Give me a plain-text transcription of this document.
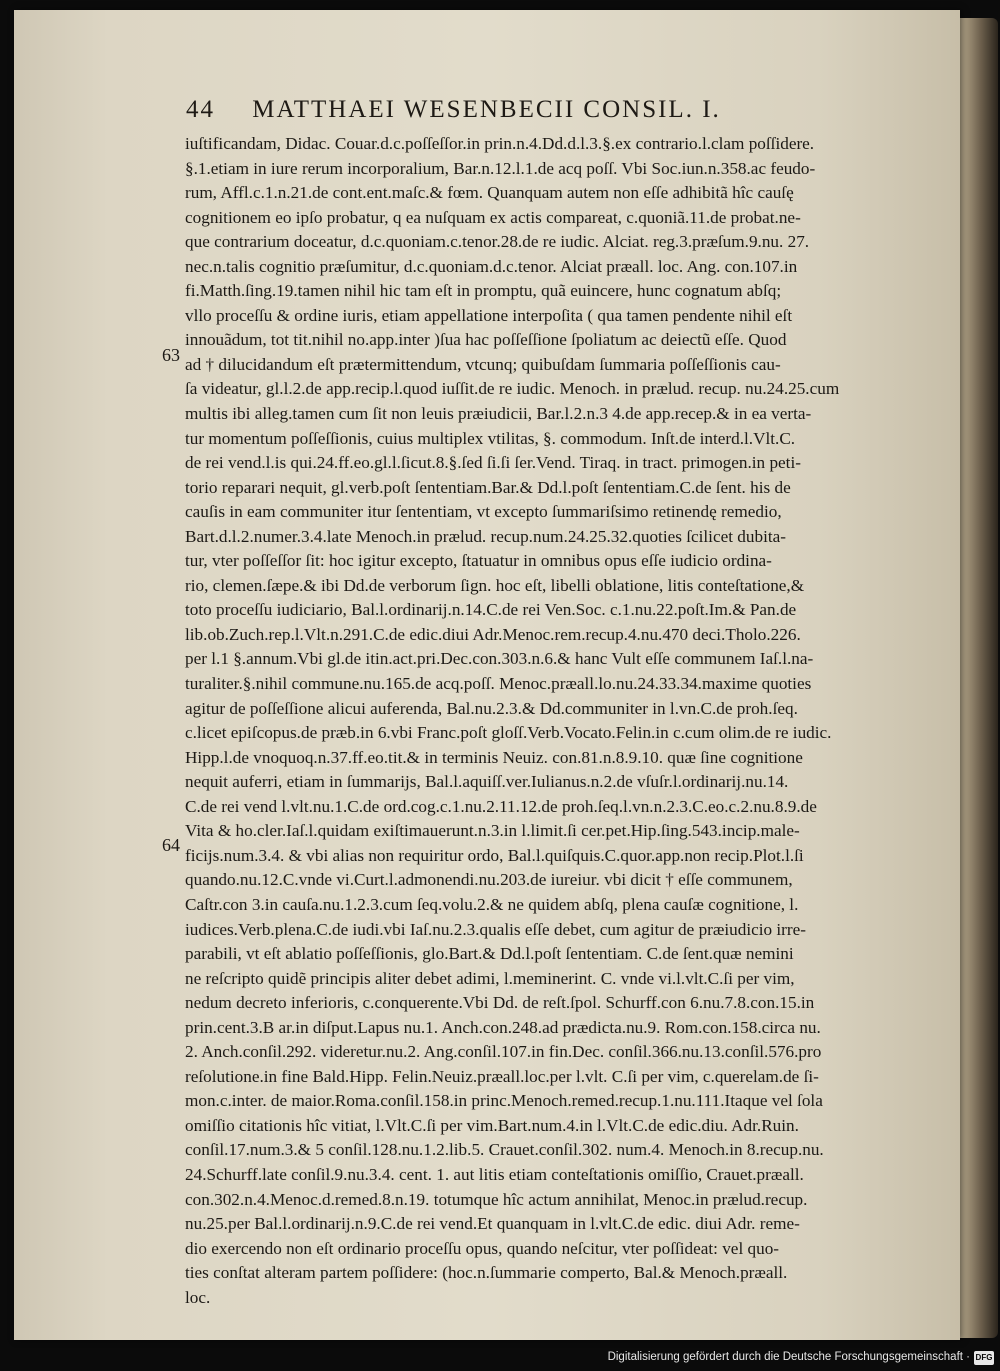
44 MATTHAEI WESENBECII CONSIL. I.
63
64
iuſtificandam, Didac. Couar.d.c.poſſeſſor.in prin.n.4.Dd.d.l.3.§.ex contrario.l.clam poſſidere.
§.1.etiam in iure rerum incorporalium, Bar.n.12.l.1.de acq poſſ. Vbi Soc.iun.n.358.ac feudo-
rum, Affl.c.1.n.21.de cont.ent.maſc.& fœm. Quanquam autem non eſſe adhibitã hîc cauſę
cognitionem eo ipſo probatur, q ea nuſquam ex actis compareat, c.quoniã.11.de probat.ne-
que contrarium doceatur, d.c.quoniam.c.tenor.28.de re iudic. Alciat. reg.3.præſum.9.nu. 27.
nec.n.talis cognitio præſumitur, d.c.quoniam.d.c.tenor. Alciat præall. loc. Ang. con.107.in
fi.Matth.ſing.19.tamen nihil hic tam eſt in promptu, quã euincere, hunc cognatum abſq;
vllo proceſſu & ordine iuris, etiam appellatione interpoſita ( qua tamen pendente nihil eſt
innouãdum, tot tit.nihil no.app.inter )ſua hac poſſeſſione ſpoliatum ac deiectũ eſſe. Quod
ad † dilucidandum eſt prætermittendum, vtcunq; quibuſdam ſummaria poſſeſſionis cau-
ſa videatur, gl.l.2.de app.recip.l.quod iuſſit.de re iudic. Menoch. in prælud. recup. nu.24.25.cum
multis ibi alleg.tamen cum ſit non leuis præiudicii, Bar.l.2.n.3 4.de app.recep.& in ea verta-
tur momentum poſſeſſionis, cuius multiplex vtilitas, §. commodum. Inſt.de interd.l.Vlt.C.
de rei vend.l.is qui.24.ff.eo.gl.l.ſicut.8.§.ſed ſi.ſi ſer.Vend. Tiraq. in tract. primogen.in peti-
torio reparari nequit, gl.verb.poſt ſententiam.Bar.& Dd.l.poſt ſententiam.C.de ſent. his de
cauſis in eam communiter itur ſententiam, vt excepto ſummariſsimo retinendę remedio,
Bart.d.l.2.numer.3.4.late Menoch.in prælud. recup.num.24.25.32.quoties ſcilicet dubita-
tur, vter poſſeſſor ſit: hoc igitur excepto, ſtatuatur in omnibus opus eſſe iudicio ordina-
rio, clemen.ſæpe.& ibi Dd.de verborum ſign. hoc eſt, libelli oblatione, litis conteſtatione,&
toto proceſſu iudiciario, Bal.l.ordinarij.n.14.C.de rei Ven.Soc. c.1.nu.22.poſt.Im.& Pan.de
lib.ob.Zuch.rep.l.Vlt.n.291.C.de edic.diui Adr.Menoc.rem.recup.4.nu.470 deci.Tholo.226.
per l.1 §.annum.Vbi gl.de itin.act.pri.Dec.con.303.n.6.& hanc Vult eſſe communem Iaſ.l.na-
turaliter.§.nihil commune.nu.165.de acq.poſſ. Menoc.præall.lo.nu.24.33.34.maxime quoties
agitur de poſſeſſione alicui auferenda, Bal.nu.2.3.& Dd.communiter in l.vn.C.de proh.ſeq.
c.licet epiſcopus.de præb.in 6.vbi Franc.poſt gloſſ.Verb.Vocato.Felin.in c.cum olim.de re iudic.
Hipp.l.de vnoquoq.n.37.ff.eo.tit.& in terminis Neuiz. con.81.n.8.9.10. quæ ſine cognitione
nequit auferri, etiam in ſummarijs, Bal.l.aquiſſ.ver.Iulianus.n.2.de vſuſr.l.ordinarij.nu.14.
C.de rei vend l.vlt.nu.1.C.de ord.cog.c.1.nu.2.11.12.de proh.ſeq.l.vn.n.2.3.C.eo.c.2.nu.8.9.de
Vita & ho.cler.Iaſ.l.quidam exiſtimauerunt.n.3.in l.limit.ſi cer.pet.Hip.ſing.543.incip.male-
ficijs.num.3.4. & vbi alias non requiritur ordo, Bal.l.quiſquis.C.quor.app.non recip.Plot.l.ſi
quando.nu.12.C.vnde vi.Curt.l.admonendi.nu.203.de iureiur. vbi dicit † eſſe communem,
Caſtr.con 3.in cauſa.nu.1.2.3.cum ſeq.volu.2.& ne quidem abſq, plena cauſæ cognitione, l.
iudices.Verb.plena.C.de iudi.vbi Iaſ.nu.2.3.qualis eſſe debet, cum agitur de præiudicio irre-
parabili, vt eſt ablatio poſſeſſionis, glo.Bart.& Dd.l.poſt ſententiam. C.de ſent.quæ nemini
ne reſcripto quidẽ principis aliter debet adimi, l.meminerint. C. vnde vi.l.vlt.C.ſi per vim,
nedum decreto inferioris, c.conquerente.Vbi Dd. de reſt.ſpol. Schurff.con 6.nu.7.8.con.15.in
prin.cent.3.B ar.in diſput.Lapus nu.1. Anch.con.248.ad prædicta.nu.9. Rom.con.158.circa nu.
2. Anch.conſil.292. videretur.nu.2. Ang.conſil.107.in fin.Dec. conſil.366.nu.13.conſil.576.pro
reſolutione.in fine Bald.Hipp. Felin.Neuiz.præall.loc.per l.vlt. C.ſi per vim, c.querelam.de ſi-
mon.c.inter. de maior.Roma.conſil.158.in princ.Menoch.remed.recup.1.nu.111.Itaque vel ſola
omiſſio citationis hîc vitiat, l.Vlt.C.ſi per vim.Bart.num.4.in l.Vlt.C.de edic.diu. Adr.Ruin.
conſil.17.num.3.& 5 conſil.128.nu.1.2.lib.5. Crauet.conſil.302. num.4. Menoch.in 8.recup.nu.
24.Schurff.late conſil.9.nu.3.4. cent. 1. aut litis etiam conteſtationis omiſſio, Crauet.præall.
con.302.n.4.Menoc.d.remed.8.n.19. totumque hîc actum annihilat, Menoc.in prælud.recup.
nu.25.per Bal.l.ordinarij.n.9.C.de rei vend.Et quanquam in l.vlt.C.de edic. diui Adr. reme-
dio exercendo non eſt ordinario proceſſu opus, quando neſcitur, vter poſſideat: vel quo-
ties conſtat alteram partem poſſidere: (hoc.n.ſummarie comperto, Bal.& Menoch.præall.
loc.
Digitalisierung gefördert durch die Deutsche Forschungsgemeinschaft · DFG
